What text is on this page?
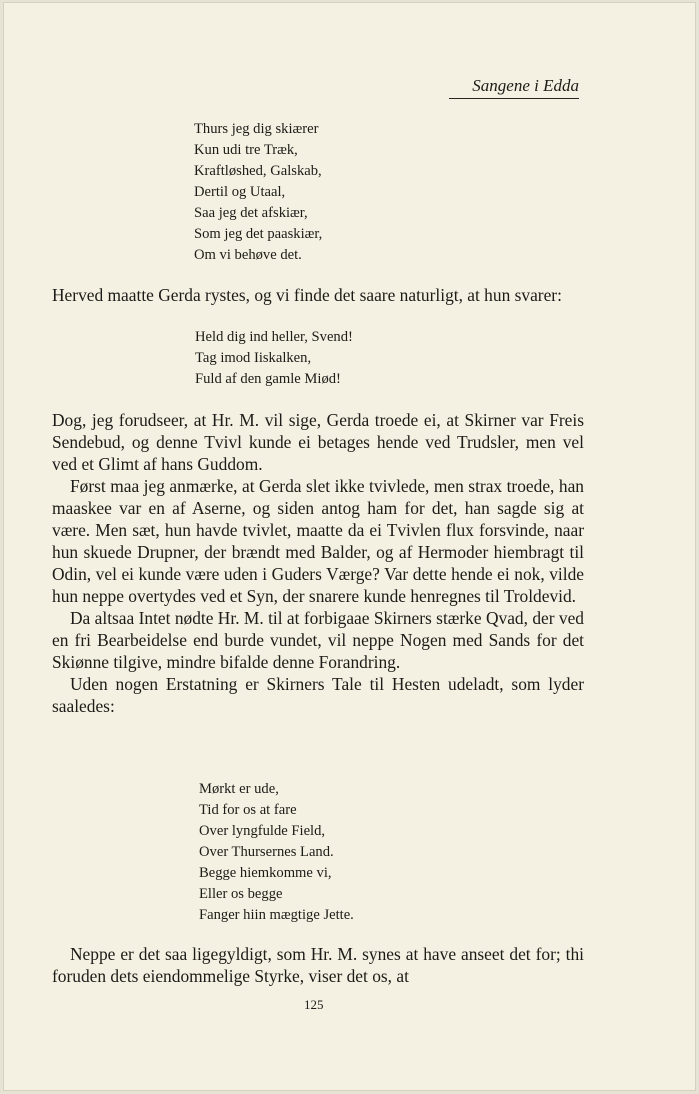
Sangene i Edda
Thurs jeg dig skiærer
Kun udi tre Træk,
Kraftløshed, Galskab,
Dertil og Utaal,
Saa jeg det afskiær,
Som jeg det paaskiær,
Om vi behøve det.

Herved maatte Gerda rystes, og vi finde det saare naturligt, at hun svarer:

Held dig ind heller, Svend!
Tag imod Iiskalken,
Fuld af den gamle Miød!

Dog, jeg forudseer, at Hr. M. vil sige, Gerda troede ei, at Skirner var Freis Sendebud, og denne Tvivl kunde ei betages hende ved Trudsler, men vel ved et Glimt af hans Guddom.

Først maa jeg anmærke, at Gerda slet ikke tvivlede, men strax troede, han maaskee var en af Aserne, og siden antog ham for det, han sagde sig at være. Men sæt, hun havde tvivlet, maatte da ei Tvivlen flux forsvinde, naar hun skuede Drupner, der brændt med Balder, og af Hermoder hiembragt til Odin, vel ei kunde være uden i Guders Værge? Var dette hende ei nok, vilde hun neppe overtydes ved et Syn, der snarere kunde henregnes til Troldevid.

Da altsaa Intet nødte Hr. M. til at forbigaae Skirners stærke Qvad, der ved en fri Bearbeidelse end burde vundet, vil neppe Nogen med Sands for det Skiønne tilgive, mindre bifalde denne Forandring.

Uden nogen Erstatning er Skirners Tale til Hesten udeladt, som lyder saaledes:

Mørkt er ude,
Tid for os at fare
Over lyngfulde Field,
Over Thursernes Land.
Begge hiemkomme vi,
Eller os begge
Fanger hiin mægtige Jette.

Neppe er det saa ligegyldigt, som Hr. M. synes at have anseet det for; thi foruden dets eiendommelige Styrke, viser det os, at

125
